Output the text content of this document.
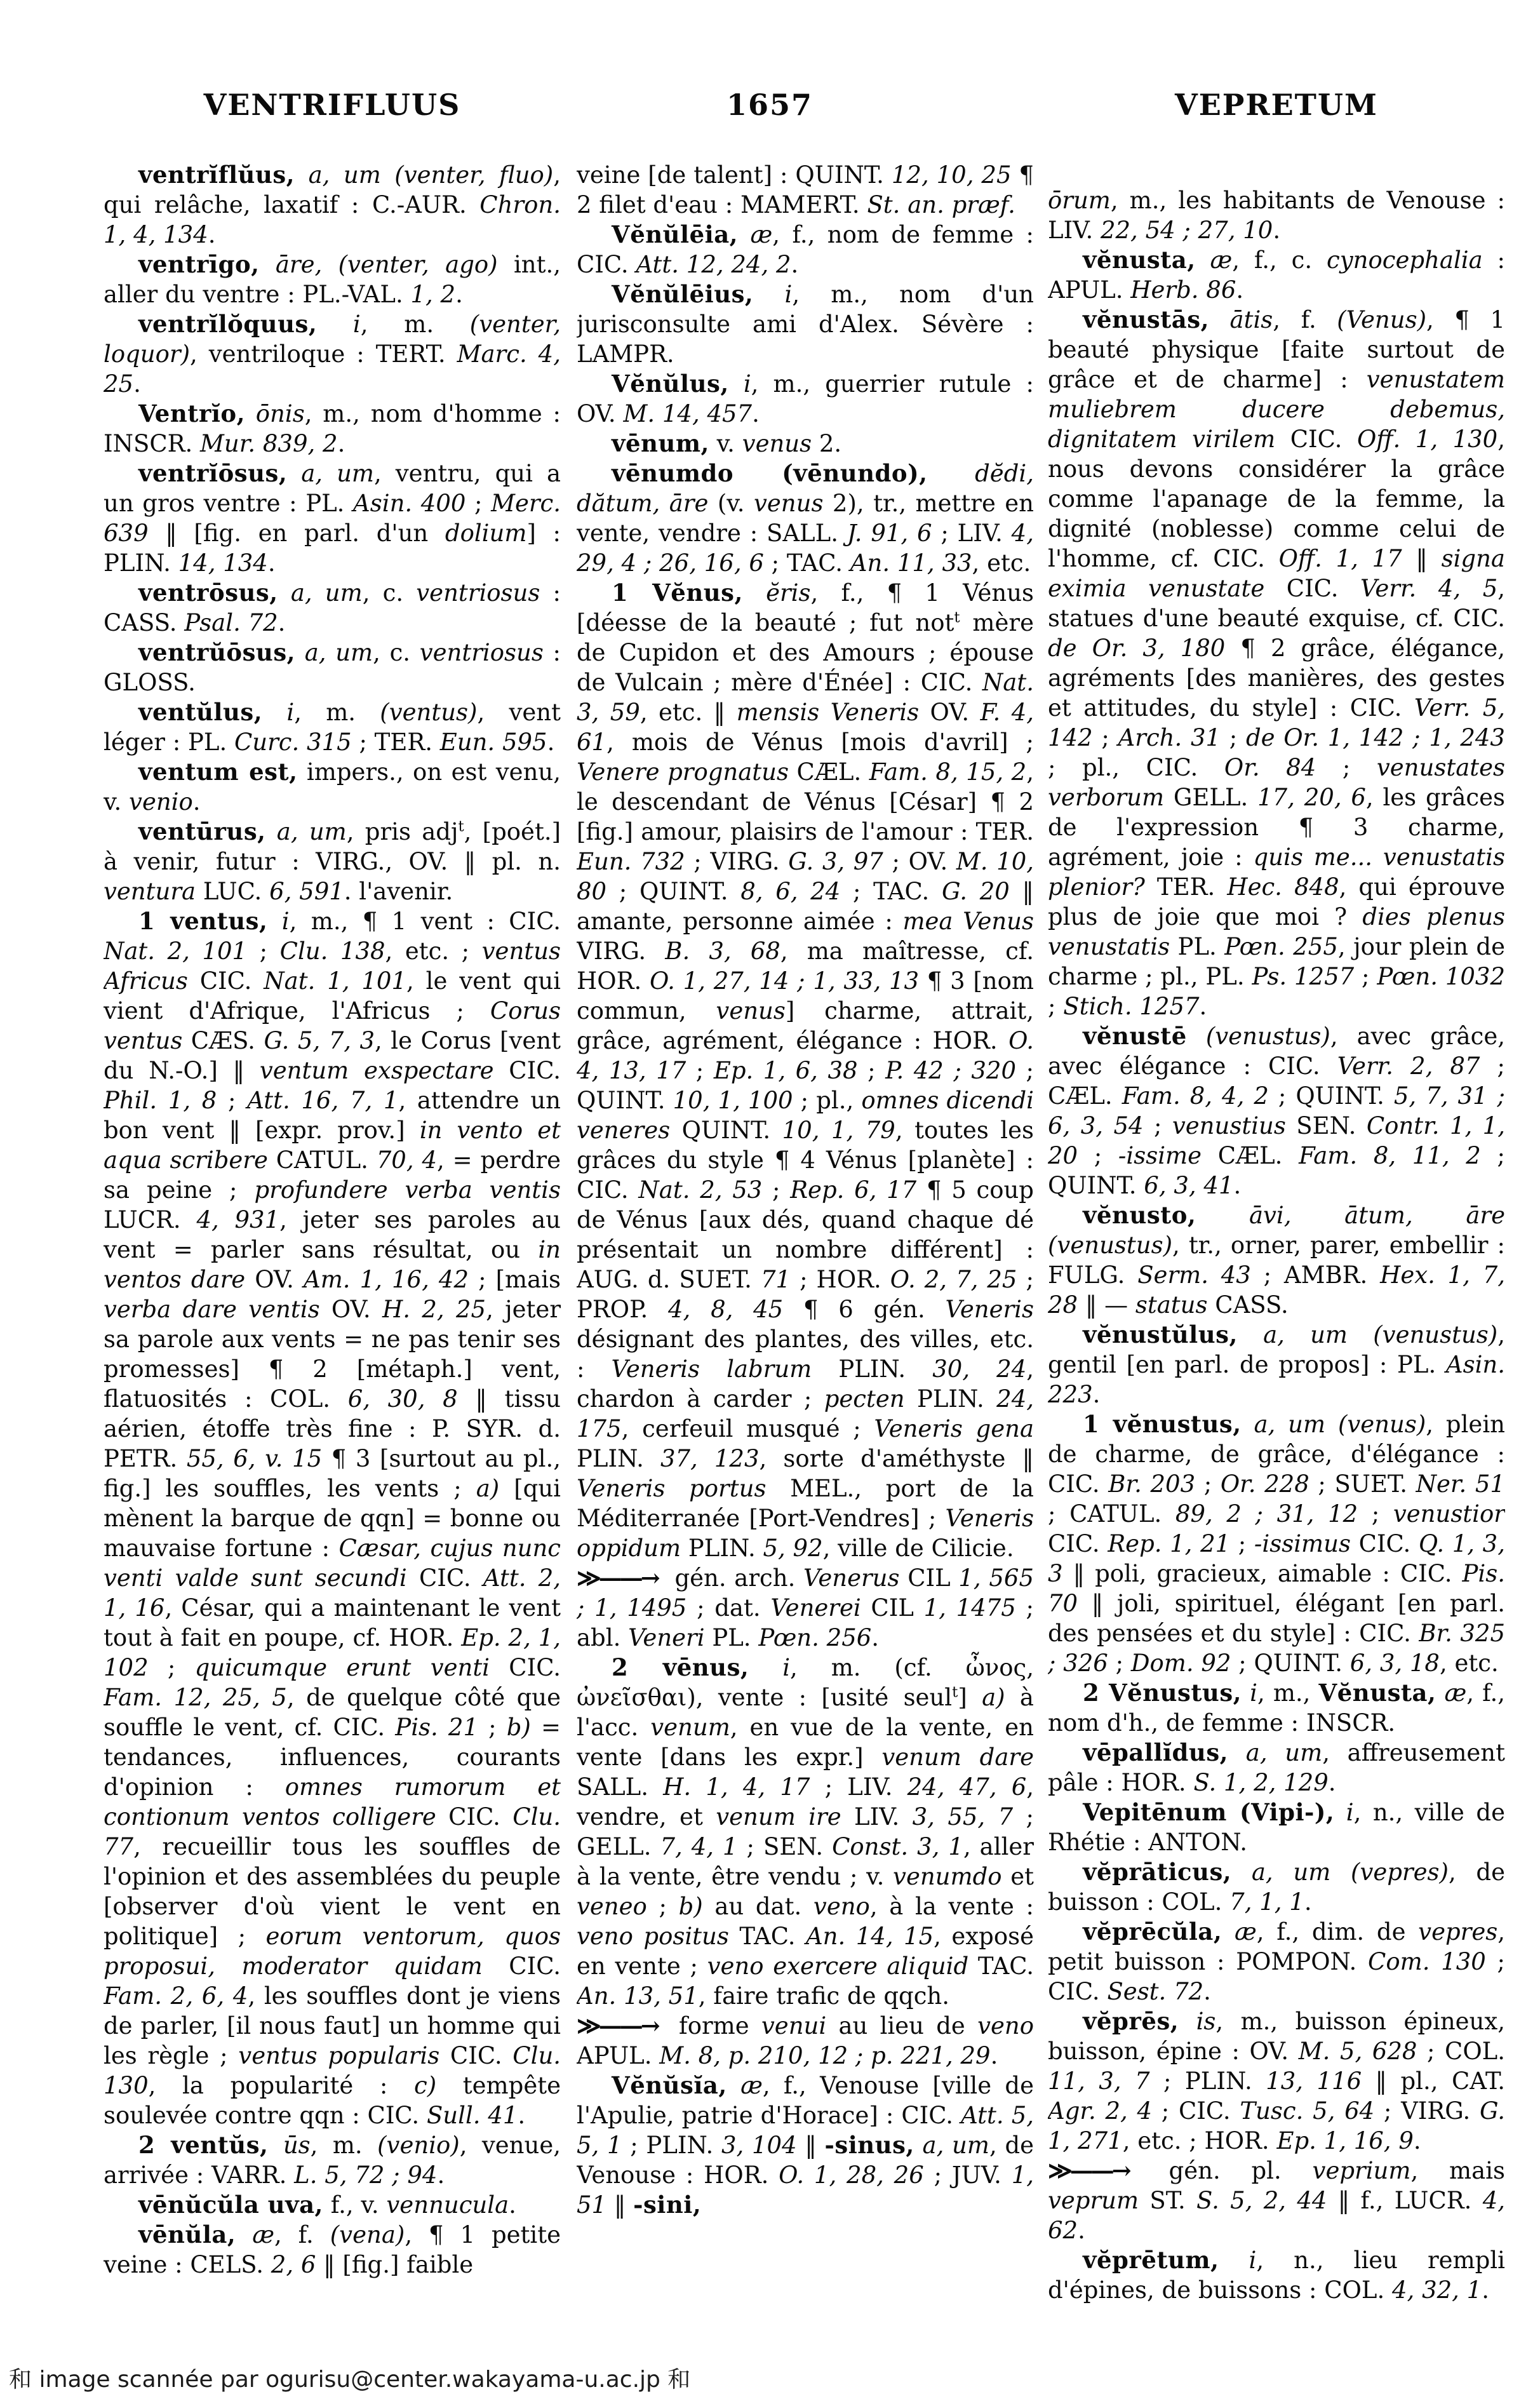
VENTRIFLUUS	1657	VEPRETUM

ventrĭflŭus, a, um (venter, fluo), qui relâche, laxatif : C.-AUR. Chron. 1, 4, 134.

ventrīgo, āre, (venter, ago) int., aller du ventre : PL.-VAL. 1, 2.

ventrĭlŏquus, i, m. (venter, loquor), ventriloque : TERT. Marc. 4, 25.

Ventrĭo, ōnis, m., nom d'homme : INSCR. Mur. 839, 2.

ventrĭōsus, a, um, ventru, qui a un gros ventre : PL. Asin. 400 ; Merc. 639 ‖ [fig. en parl. d'un dolium] : PLIN. 14, 134.

ventrōsus, a, um, c. ventriosus : CASS. Psal. 72.

ventrŭōsus, a, um, c. ventriosus : GLOSS.

ventŭlus, i, m. (ventus), vent léger : PL. Curc. 315 ; TER. Eun. 595.

ventum est, impers., on est venu, v. venio.

ventūrus, a, um, pris adj$^t$, [poét.] à venir, futur : VIRG., OV. ‖ pl. n. ventura LUC. 6, 591. l'avenir.

1 ventus, i, m., ¶ 1 vent : CIC. Nat. 2, 101 ; Clu. 138, etc. ; ventus Africus CIC. Nat. 1, 101, le vent qui vient d'Afrique, l'Africus ; Corus ventus CÆS. G. 5, 7, 3, le Corus [vent du N.-O.] ‖ ventum exspectare CIC. Phil. 1, 8 ; Att. 16, 7, 1, attendre un bon vent ‖ [expr. prov.] in vento et aqua scribere CATUL. 70, 4, = perdre sa peine ; profundere verba ventis LUCR. 4, 931, jeter ses paroles au vent = parler sans résultat, ou in ventos dare OV. Am. 1, 16, 42 ; [mais verba dare ventis OV. H. 2, 25, jeter sa parole aux vents = ne pas tenir ses promesses] ¶ 2 [métaph.] vent, flatuosités : COL. 6, 30, 8 ‖ tissu aérien, étoffe très fine : P. SYR. d. PETR. 55, 6, v. 15 ¶ 3 [surtout au pl., fig.] les souffles, les vents ; a) [qui mènent la barque de qqn] = bonne ou mauvaise fortune : Cæsar, cujus nunc venti valde sunt secundi CIC. Att. 2, 1, 16, César, qui a maintenant le vent tout à fait en poupe, cf. HOR. Ep. 2, 1, 102 ; quicumque erunt venti CIC. Fam. 12, 25, 5, de quelque côté que souffle le vent, cf. CIC. Pis. 21 ; b) = tendances, influences, courants d'opinion : omnes rumorum et contionum ventos colligere CIC. Clu. 77, recueillir tous les souffles de l'opinion et des assemblées du peuple [observer d'où vient le vent en politique] ; eorum ventorum, quos proposui, moderator quidam CIC. Fam. 2, 6, 4, les souffles dont je viens de parler, [il nous faut] un homme qui les règle ; ventus popularis CIC. Clu. 130, la popularité : c) tempête soulevée contre qqn : CIC. Sull. 41.

2 ventŭs, ūs, m. (venio), venue, arrivée : VARR. L. 5, 72 ; 94.

vēnŭcŭla uva, f., v. vennucula.

vēnŭla, æ, f. (vena), ¶ 1 petite veine : CELS. 2, 6 ‖ [fig.] faible

veine [de talent] : QUINT. 12, 10, 25 ¶ 2 filet d'eau : MAMERT. St. an. præf.

Vĕnŭlēia, æ, f., nom de femme : CIC. Att. 12, 24, 2.

Vĕnŭlēius, i, m., nom d'un jurisconsulte ami d'Alex. Sévère : LAMPR.

Vĕnŭlus, i, m., guerrier rutule : OV. M. 14, 457.

vēnum, v. venus 2.

vēnumdo (vēnundo), dĕdi, dătum, āre (v. venus 2), tr., mettre en vente, vendre : SALL. J. 91, 6 ; LIV. 4, 29, 4 ; 26, 16, 6 ; TAC. An. 11, 33, etc.

1 Vĕnus, ĕris, f., ¶ 1 Vénus [déesse de la beauté ; fut not$^t$ mère de Cupidon et des Amours ; épouse de Vulcain ; mère d'Énée] : CIC. Nat. 3, 59, etc. ‖ mensis Veneris OV. F. 4, 61, mois de Vénus [mois d'avril] ; Venere prognatus CÆL. Fam. 8, 15, 2, le descendant de Vénus [César] ¶ 2 [fig.] amour, plaisirs de l'amour : TER. Eun. 732 ; VIRG. G. 3, 97 ; OV. M. 10, 80 ; QUINT. 8, 6, 24 ; TAC. G. 20 ‖ amante, personne aimée : mea Venus VIRG. B. 3, 68, ma maîtresse, cf. HOR. O. 1, 27, 14 ; 1, 33, 13 ¶ 3 [nom commun, venus] charme, attrait, grâce, agrément, élégance : HOR. O. 4, 13, 17 ; Ep. 1, 6, 38 ; P. 42 ; 320 ; QUINT. 10, 1, 100 ; pl., omnes dicendi veneres QUINT. 10, 1, 79, toutes les grâces du style ¶ 4 Vénus [planète] : CIC. Nat. 2, 53 ; Rep. 6, 17 ¶ 5 coup de Vénus [aux dés, quand chaque dé présentait un nombre différent] : AUG. d. SUET. 71 ; HOR. O. 2, 7, 25 ; PROP. 4, 8, 45 ¶ 6 gén. Veneris désignant des plantes, des villes, etc. : Veneris labrum PLIN. 30, 24, chardon à carder ; pecten PLIN. 24, 175, cerfeuil musqué ; Veneris gena PLIN. 37, 123, sorte d'améthyste ‖ Veneris portus MEL., port de la Méditerranée [Port-Vendres] ; Veneris oppidum PLIN. 5, 92, ville de Cilicie.

≫——→ gén. arch. Venerus CIL 1, 565 ; 1, 1495 ; dat. Venerei CIL 1, 1475 ; abl. Veneri PL. Pœn. 256.

2 vēnus, i, m. (cf. ὦνος, ὠνεῖσθαι), vente : [usité seul$^t$] a) à l'acc. venum, en vue de la vente, en vente [dans les expr.] venum dare SALL. H. 1, 4, 17 ; LIV. 24, 47, 6, vendre, et venum ire LIV. 3, 55, 7 ; GELL. 7, 4, 1 ; SEN. Const. 3, 1, aller à la vente, être vendu ; v. venumdo et veneo ; b) au dat. veno, à la vente : veno positus TAC. An. 14, 15, exposé en vente ; veno exercere aliquid TAC. An. 13, 51, faire trafic de qqch.

≫——→ forme venui au lieu de veno APUL. M. 8, p. 210, 12 ; p. 221, 29.

Vĕnŭsĭa, æ, f., Venouse [ville de l'Apulie, patrie d'Horace] : CIC. Att. 5, 5, 1 ; PLIN. 3, 104 ‖ -sinus, a, um, de Venouse : HOR. O. 1, 28, 26 ; JUV. 1, 51 ‖ -sini,

ōrum, m., les habitants de Venouse : LIV. 22, 54 ; 27, 10.

vĕnusta, æ, f., c. cynocephalia : APUL. Herb. 86.

vĕnustās, ātis, f. (Venus), ¶ 1 beauté physique [faite surtout de grâce et de charme] : venustatem muliebrem ducere debemus, dignitatem virilem CIC. Off. 1, 130, nous devons considérer la grâce comme l'apanage de la femme, la dignité (noblesse) comme celui de l'homme, cf. CIC. Off. 1, 17 ‖ signa eximia venustate CIC. Verr. 4, 5, statues d'une beauté exquise, cf. CIC. de Or. 3, 180 ¶ 2 grâce, élégance, agréments [des manières, des gestes et attitudes, du style] : CIC. Verr. 5, 142 ; Arch. 31 ; de Or. 1, 142 ; 1, 243 ; pl., CIC. Or. 84 ; venustates verborum GELL. 17, 20, 6, les grâces de l'expression ¶ 3 charme, agrément, joie : quis me... venustatis plenior? TER. Hec. 848, qui éprouve plus de joie que moi ? dies plenus venustatis PL. Pœn. 255, jour plein de charme ; pl., PL. Ps. 1257 ; Pœn. 1032 ; Stich. 1257.

vĕnustē (venustus), avec grâce, avec élégance : CIC. Verr. 2, 87 ; CÆL. Fam. 8, 4, 2 ; QUINT. 5, 7, 31 ; 6, 3, 54 ; venustius SEN. Contr. 1, 1, 20 ; -issime CÆL. Fam. 8, 11, 2 ; QUINT. 6, 3, 41.

vĕnusto, āvi, ātum, āre (venustus), tr., orner, parer, embellir : FULG. Serm. 43 ; AMBR. Hex. 1, 7, 28 ‖ — status CASS.

vĕnustŭlus, a, um (venustus), gentil [en parl. de propos] : PL. Asin. 223.

1 vĕnustus, a, um (venus), plein de charme, de grâce, d'élégance : CIC. Br. 203 ; Or. 228 ; SUET. Ner. 51 ; CATUL. 89, 2 ; 31, 12 ; venustior CIC. Rep. 1, 21 ; -issimus CIC. Q. 1, 3, 3 ‖ poli, gracieux, aimable : CIC. Pis. 70 ‖ joli, spirituel, élégant [en parl. des pensées et du style] : CIC. Br. 325 ; 326 ; Dom. 92 ; QUINT. 6, 3, 18, etc.

2 Vĕnustus, i, m., Vĕnusta, æ, f., nom d'h., de femme : INSCR.

vēpallĭdus, a, um, affreusement pâle : HOR. S. 1, 2, 129.

Vepitēnum (Vipi-), i, n., ville de Rhétie : ANTON.

vĕprāticus, a, um (vepres), de buisson : COL. 7, 1, 1.

vĕprēcŭla, æ, f., dim. de vepres, petit buisson : POMPON. Com. 130 ; CIC. Sest. 72.

vĕprēs, is, m., buisson épineux, buisson, épine : OV. M. 5, 628 ; COL. 11, 3, 7 ; PLIN. 13, 116 ‖ pl., CAT. Agr. 2, 4 ; CIC. Tusc. 5, 64 ; VIRG. G. 1, 271, etc. ; HOR. Ep. 1, 16, 9.

≫——→ gén. pl. veprium, mais veprum ST. S. 5, 2, 44 ‖ f., LUCR. 4, 62.

vĕprētum, i, n., lieu rempli d'épines, de buissons : COL. 4, 32, 1.

和 image scannée par ogurisu@center.wakayama-u.ac.jp 和
